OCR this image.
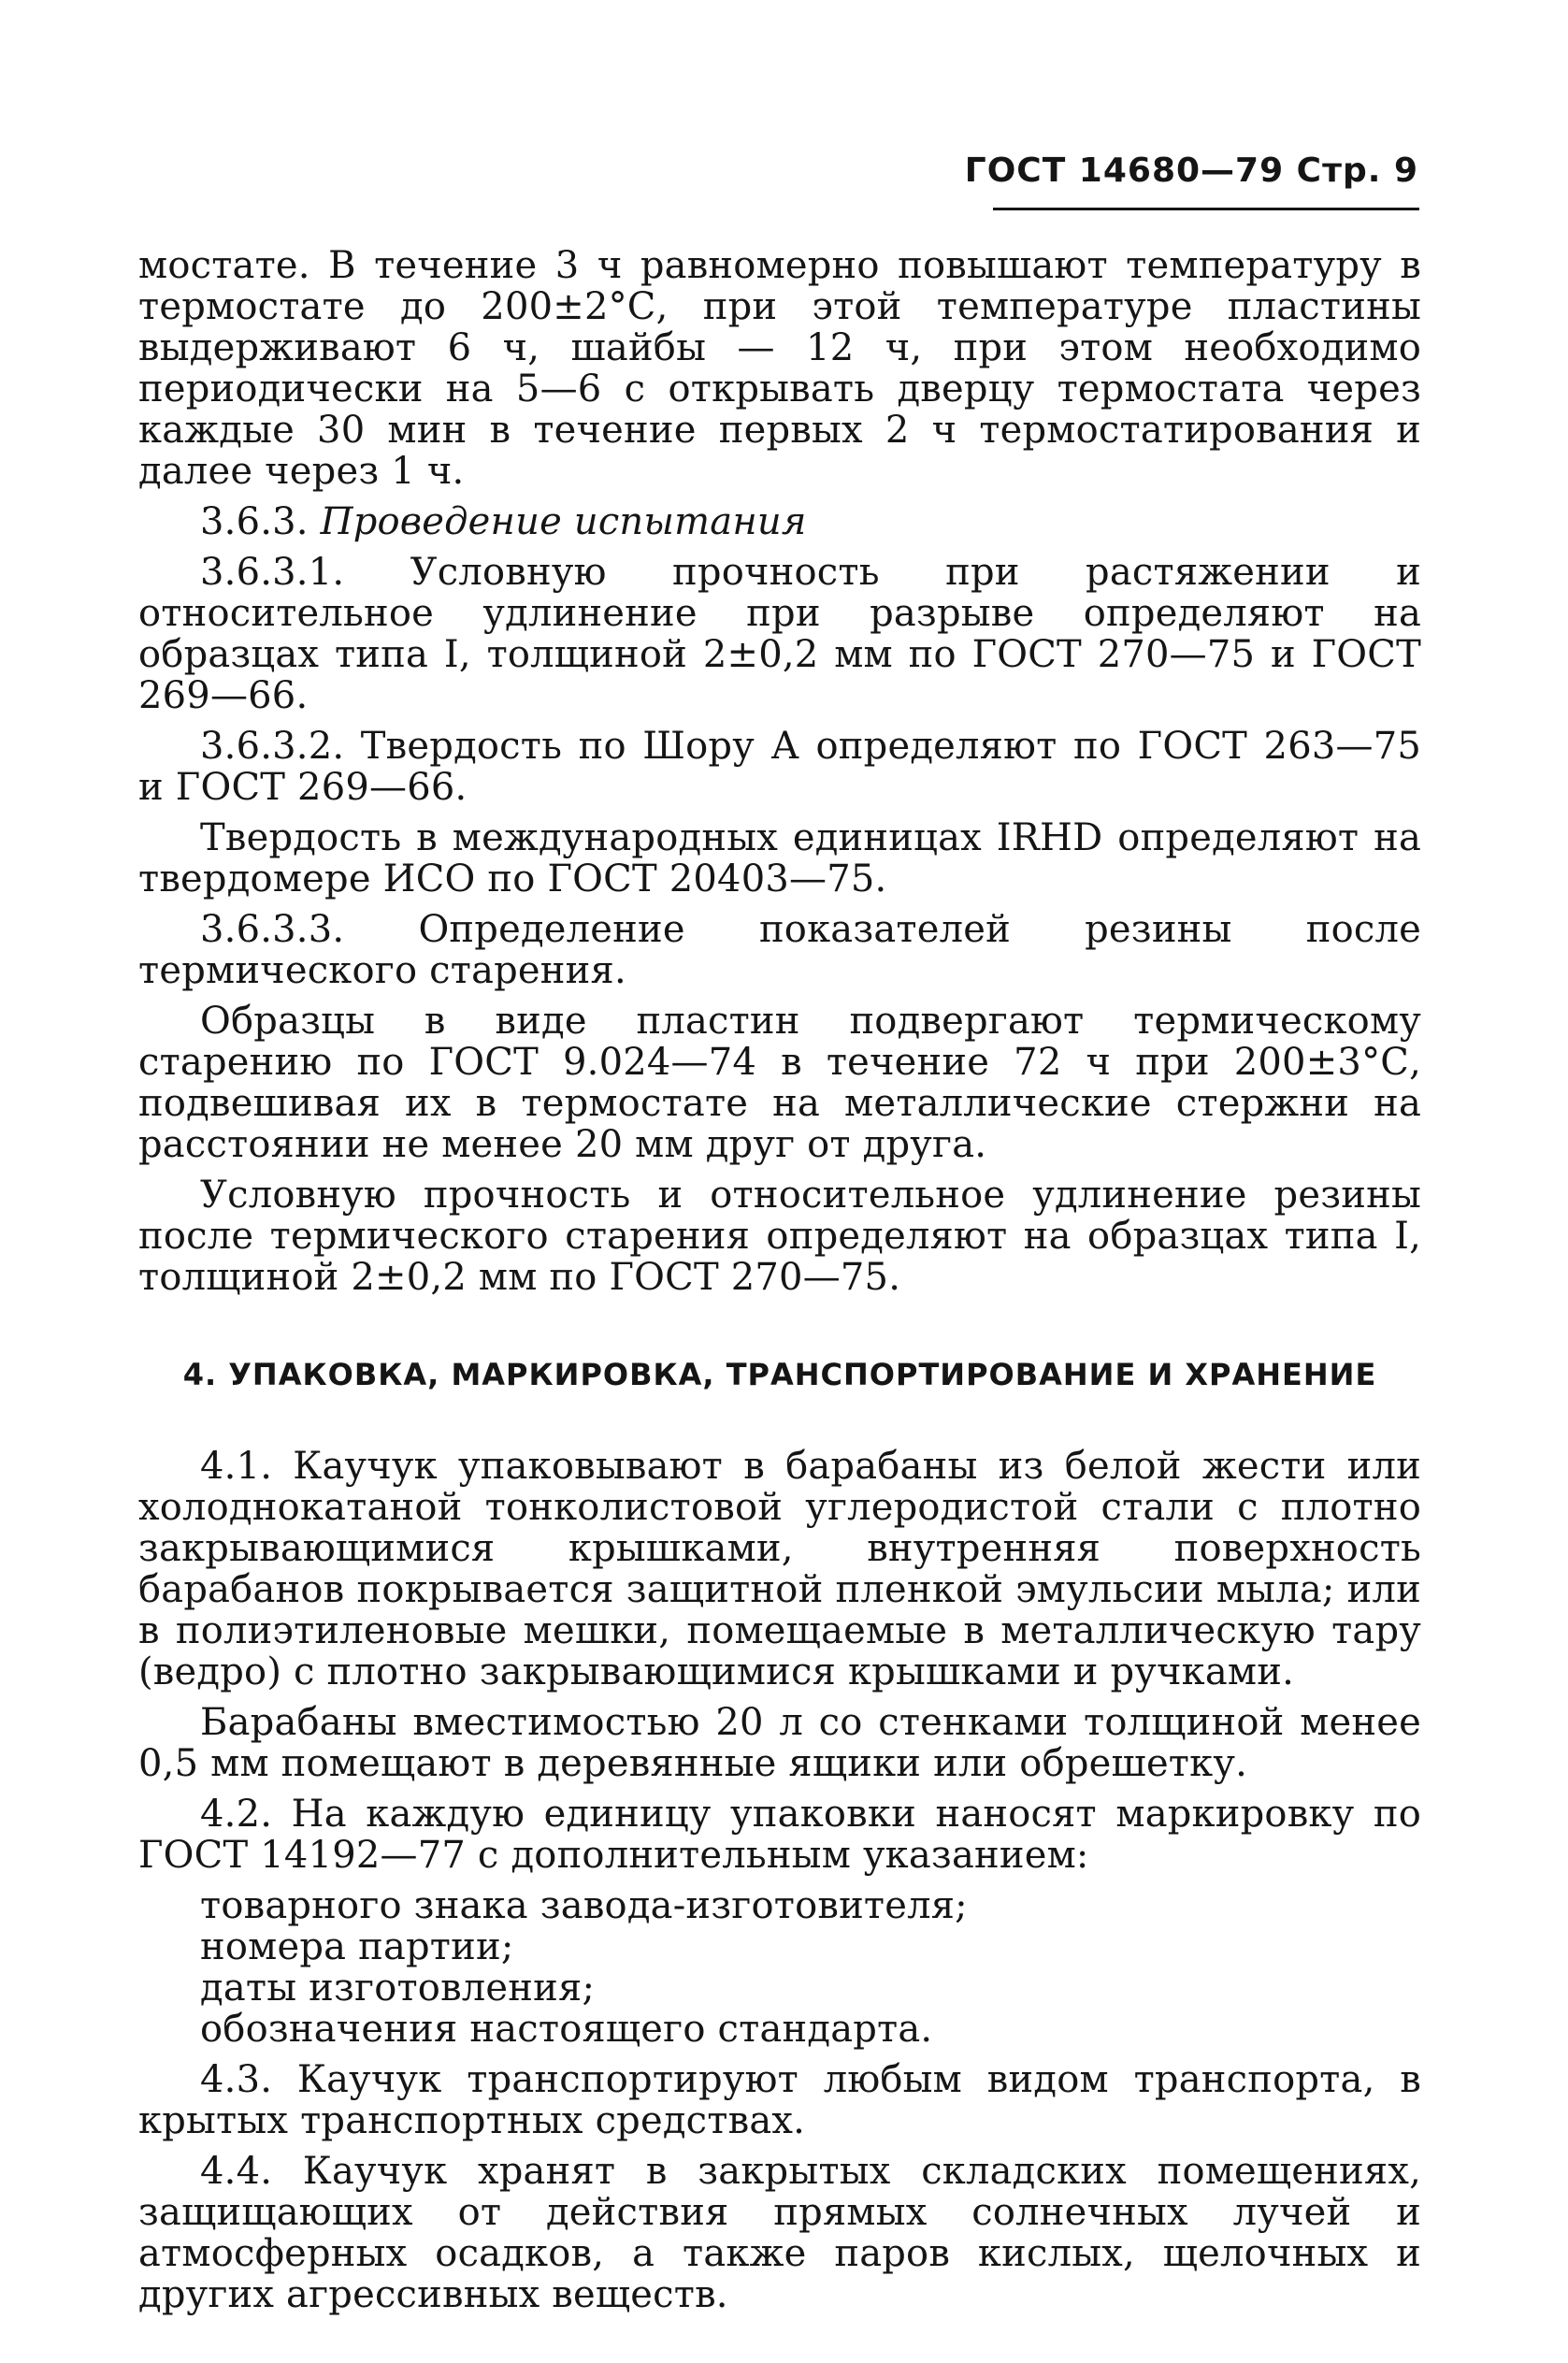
ГОСТ 14680—79 Стр. 9

мостате. В течение 3 ч равномерно повышают температуру в термостате до 200±2°С, при этой температуре пластины выдерживают 6 ч, шайбы — 12 ч, при этом необходимо периодически на 5—6 с открывать дверцу термостата через каждые 30 мин в течение первых 2 ч термостатирования и далее через 1 ч.

3.6.3. Проведение испытания

3.6.3.1. Условную прочность при растяжении и относительное удлинение при разрыве определяют на образцах типа I, толщиной 2±0,2 мм по ГОСТ 270—75 и ГОСТ 269—66.

3.6.3.2. Твердость по Шору А определяют по ГОСТ 263—75 и ГОСТ 269—66.

Твердость в международных единицах IRHD определяют на твердомере ИСО по ГОСТ 20403—75.

3.6.3.3. Определение показателей резины после термического старения.

Образцы в виде пластин подвергают термическому старению по ГОСТ 9.024—74 в течение 72 ч при 200±3°С, подвешивая их в термостате на металлические стержни на расстоянии не менее 20 мм друг от друга.

Условную прочность и относительное удлинение резины после термического старения определяют на образцах типа I, толщиной 2±0,2 мм по ГОСТ 270—75.

4. УПАКОВКА, МАРКИРОВКА, ТРАНСПОРТИРОВАНИЕ И ХРАНЕНИЕ

4.1. Каучук упаковывают в барабаны из белой жести или холоднокатаной тонколистовой углеродистой стали с плотно закрывающимися крышками, внутренняя поверхность барабанов покрывается защитной пленкой эмульсии мыла; или в полиэтиленовые мешки, помещаемые в металлическую тару (ведро) с плотно закрывающимися крышками и ручками.

Барабаны вместимостью 20 л со стенками толщиной менее 0,5 мм помещают в деревянные ящики или обрешетку.

4.2. На каждую единицу упаковки наносят маркировку по ГОСТ 14192—77 с дополнительным указанием:

товарного знака завода-изготовителя;

номера партии;

даты изготовления;

обозначения настоящего стандарта.

4.3. Каучук транспортируют любым видом транспорта, в крытых транспортных средствах.

4.4. Каучук хранят в закрытых складских помещениях, защищающих от действия прямых солнечных лучей и атмосферных осадков, а также паров кислых, щелочных и других агрессивных веществ.
